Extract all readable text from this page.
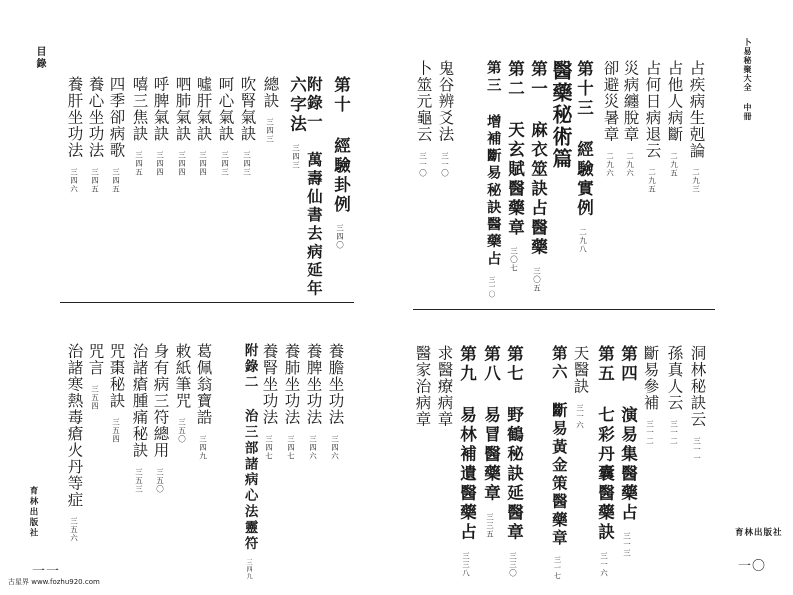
目錄
育林出版社
一一
養肝坐功法
三四六
養心坐功法
三四五
四季卻病歌
三四五
嘻三焦訣
三四五
呼脾氣訣
三四四
呬肺氣訣
三四四
噓肝氣訣
三四四
呵心氣訣
三四三
吹腎氣訣
三四三
總訣
三四三 六字法
三四三 附錄一 萬壽仙書去病延年 第十 經驗卦例
三四〇
治諸寒熱毒瘡火丹等症
三五六
咒言
三五四 咒棗秘訣
三五四 治諸瘡腫痛秘訣
三五三
身有病三符總用
三五〇
敕紙筆咒
三五〇
葛佩翁寶誥
三四九 附錄二 治三部諸病心法靈符
三四九
養腎坐功法
三四七
養肺坐功法
三四七
養脾坐功法
三四六
養膽坐功法
三四六
卜易秘聚大全 中冊
育林出版社
一〇
卜筮元龜云
三一〇
鬼谷辨爻法
三一〇 第三 增補斷易秘訣醫藥占
三一〇
第二 天玄賦醫藥章
三〇七
第一 麻衣筮訣占醫藥
三〇五
醫藥秘術篇 第十三 經驗實例
二九八
卻避災暑章
二九六
災病纏脫章
二九六
占何日病退云
二九五
占他人病斷
二九五
占疾病生剋論
二九三
醫家治病章 求醫療病章 第九 易林補遺醫藥占
三三八
第八 易冒醫藥章
三三五 第七 野鶴秘訣延醫章
三三〇
第六 斷易黃金策醫藥章
三一七
天醫訣
三一六 第五 七彩丹囊醫藥訣
三一六
第四 演易集醫藥占
三一三
斷易參補
三一二
孫真人云
三一二
洞林秘訣云
三一一
古星界 www.fozhu920.com
